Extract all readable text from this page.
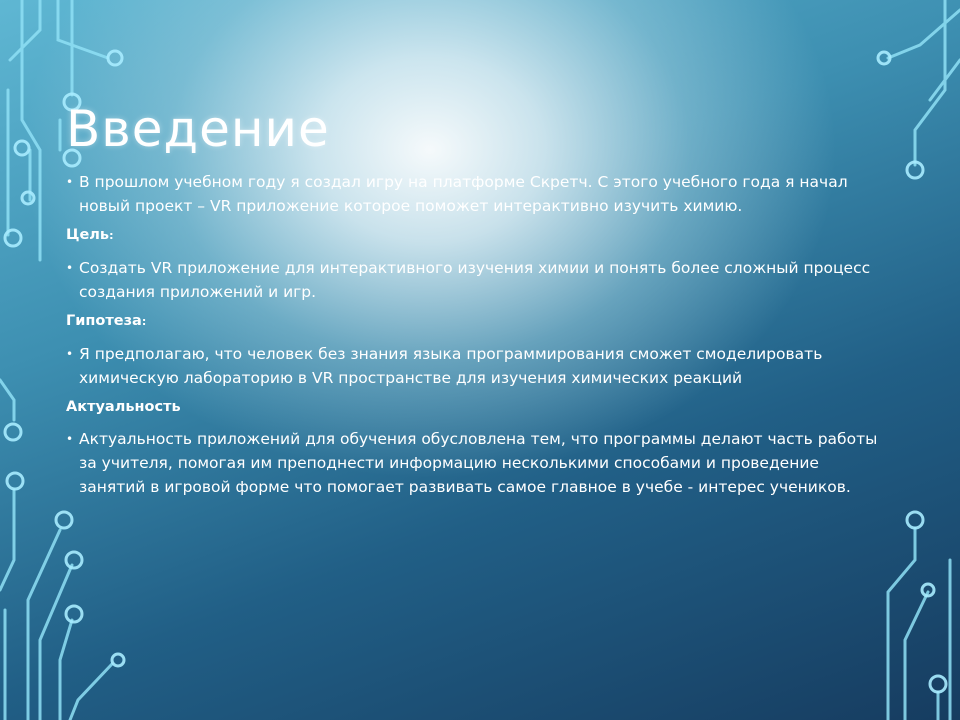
Введение

• В прошлом учебном году я создал игру на платформе Скретч. С этого учебного года я начал новый проект – VR приложение которое поможет интерактивно изучить химию.

Цель:

• Создать VR приложение для интерактивного изучения химии и понять более сложный процесс создания приложений и игр.

Гипотеза:

• Я предполагаю, что человек без знания языка программирования сможет смоделировать химическую лабораторию в VR пространстве для изучения химических реакций

Актуальность

• Актуальность приложений для обучения обусловлена тем, что программы делают часть работы за учителя, помогая им преподнести информацию несколькими способами и проведение занятий в игровой форме что помогает развивать самое главное в учебе - интерес учеников.
